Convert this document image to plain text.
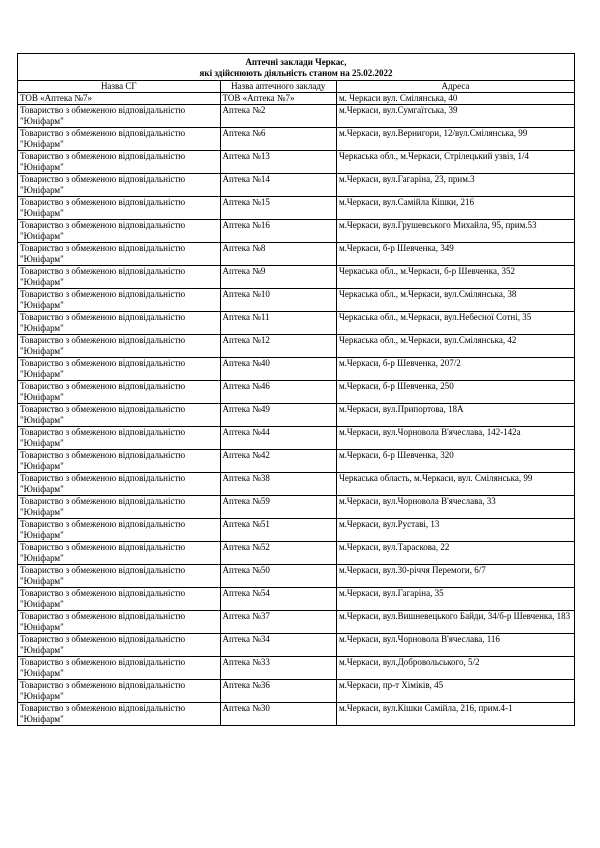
Аптечні заклади Черкас,
які здійснюють діяльність станом на 25.02.2022		

Назва СГ	Назва аптечного закладу	Адреса
ТОВ «Аптека №7»	ТОВ «Аптека №7»	м. Черкаси вул. Смілянська, 40
Товариство з обмеженою відповідальністю "Юніфарм"	Аптека №2	м.Черкаси, вул.Сумгаїтська, 39
Товариство з обмеженою відповідальністю "Юніфарм"	Аптека №6	м.Черкаси, вул.Вернигори, 12/вул.Смілянська, 99
Товариство з обмеженою відповідальністю "Юніфарм"	Аптека №13	Черкаська обл., м.Черкаси, Стрілецький узвіз, 1/4
Товариство з обмеженою відповідальністю "Юніфарм"	Аптека №14	м.Черкаси, вул.Гагаріна, 23, прим.3
Товариство з обмеженою відповідальністю "Юніфарм"	Аптека №15	м.Черкаси, вул.Самійла Кішки, 216
Товариство з обмеженою відповідальністю "Юніфарм"	Аптека №16	м.Черкаси, вул.Грушевського Михайла, 95, прим.53
Товариство з обмеженою відповідальністю "Юніфарм"	Аптека №8	м.Черкаси, б-р Шевченка, 349
Товариство з обмеженою відповідальністю "Юніфарм"	Аптека №9	Черкаська обл., м.Черкаси, б-р Шевченка, 352
Товариство з обмеженою відповідальністю "Юніфарм"	Аптека №10	Черкаська обл., м.Черкаси, вул.Смілянська, 38
Товариство з обмеженою відповідальністю "Юніфарм"	Аптека №11	Черкаська обл., м.Черкаси, вул.Небесної Сотні, 35
Товариство з обмеженою відповідальністю "Юніфарм"	Аптека №12	Черкаська обл., м.Черкаси, вул.Смілянська, 42
Товариство з обмеженою відповідальністю "Юніфарм"	Аптека №40	м.Черкаси, б-р Шевченка, 207/2
Товариство з обмеженою відповідальністю "Юніфарм"	Аптека №46	м.Черкаси, б-р Шевченка, 250
Товариство з обмеженою відповідальністю "Юніфарм"	Аптека №49	м.Черкаси, вул.Припортова, 18А
Товариство з обмеженою відповідальністю "Юніфарм"	Аптека №44	м.Черкаси, вул.Чорновола В'ячеслава, 142-142а
Товариство з обмеженою відповідальністю "Юніфарм"	Аптека №42	м.Черкаси, б-р Шевченка, 320
Товариство з обмеженою відповідальністю "Юніфарм"	Аптека №38	Черкаська область, м.Черкаси, вул. Смілянська, 99
Товариство з обмеженою відповідальністю "Юніфарм"	Аптека №59	м.Черкаси, вул.Чорновола В'ячеслава, 33
Товариство з обмеженою відповідальністю "Юніфарм"	Аптека №51	м.Черкаси, вул.Руставі, 13
Товариство з обмеженою відповідальністю "Юніфарм"	Аптека №52	м.Черкаси, вул.Тараскова, 22
Товариство з обмеженою відповідальністю "Юніфарм"	Аптека №50	м.Черкаси, вул.30-річчя Перемоги, 6/7
Товариство з обмеженою відповідальністю "Юніфарм"	Аптека №54	м.Черкаси, вул.Гагаріна, 35
Товариство з обмеженою відповідальністю "Юніфарм"	Аптека №37	м.Черкаси, вул.Вишневецького Байди, 34/б-р Шевченка, 183
Товариство з обмеженою відповідальністю "Юніфарм"	Аптека №34	м.Черкаси, вул.Чорновола В'ячеслава, 116
Товариство з обмеженою відповідальністю "Юніфарм"	Аптека №33	м.Черкаси, вул.Добровольського, 5/2
Товариство з обмеженою відповідальністю "Юніфарм"	Аптека №36	м.Черкаси, пр-т Хіміків, 45
Товариство з обмеженою відповідальністю "Юніфарм"	Аптека №30	м.Черкаси, вул.Кішки Самійла, 216, прим.4-1
